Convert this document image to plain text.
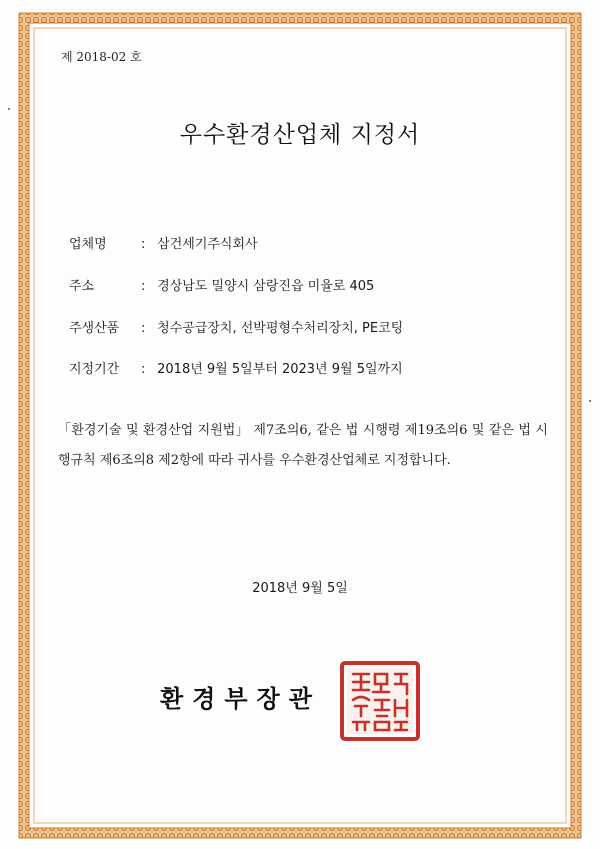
제 2018-02 호
우수환경산업체 지정서
업체명	: 삼건세기주식회사
주소	: 경상남도 밀양시 삼랑진읍 미율로 405
주생산품 : 청수공급장치, 선박평형수처리장치, PE코팅
지정기간 : 2018년 9월 5일부터 2023년 9월 5일까지
「환경기술 및 환경산업 지원법」 제7조의6, 같은 법 시행령 제19조의6 및 같은 법 시행규칙 제6조의8 제2항에 따라 귀사를 우수환경산업체로 지정합니다.
2018년 9월 5일
환경부장관
